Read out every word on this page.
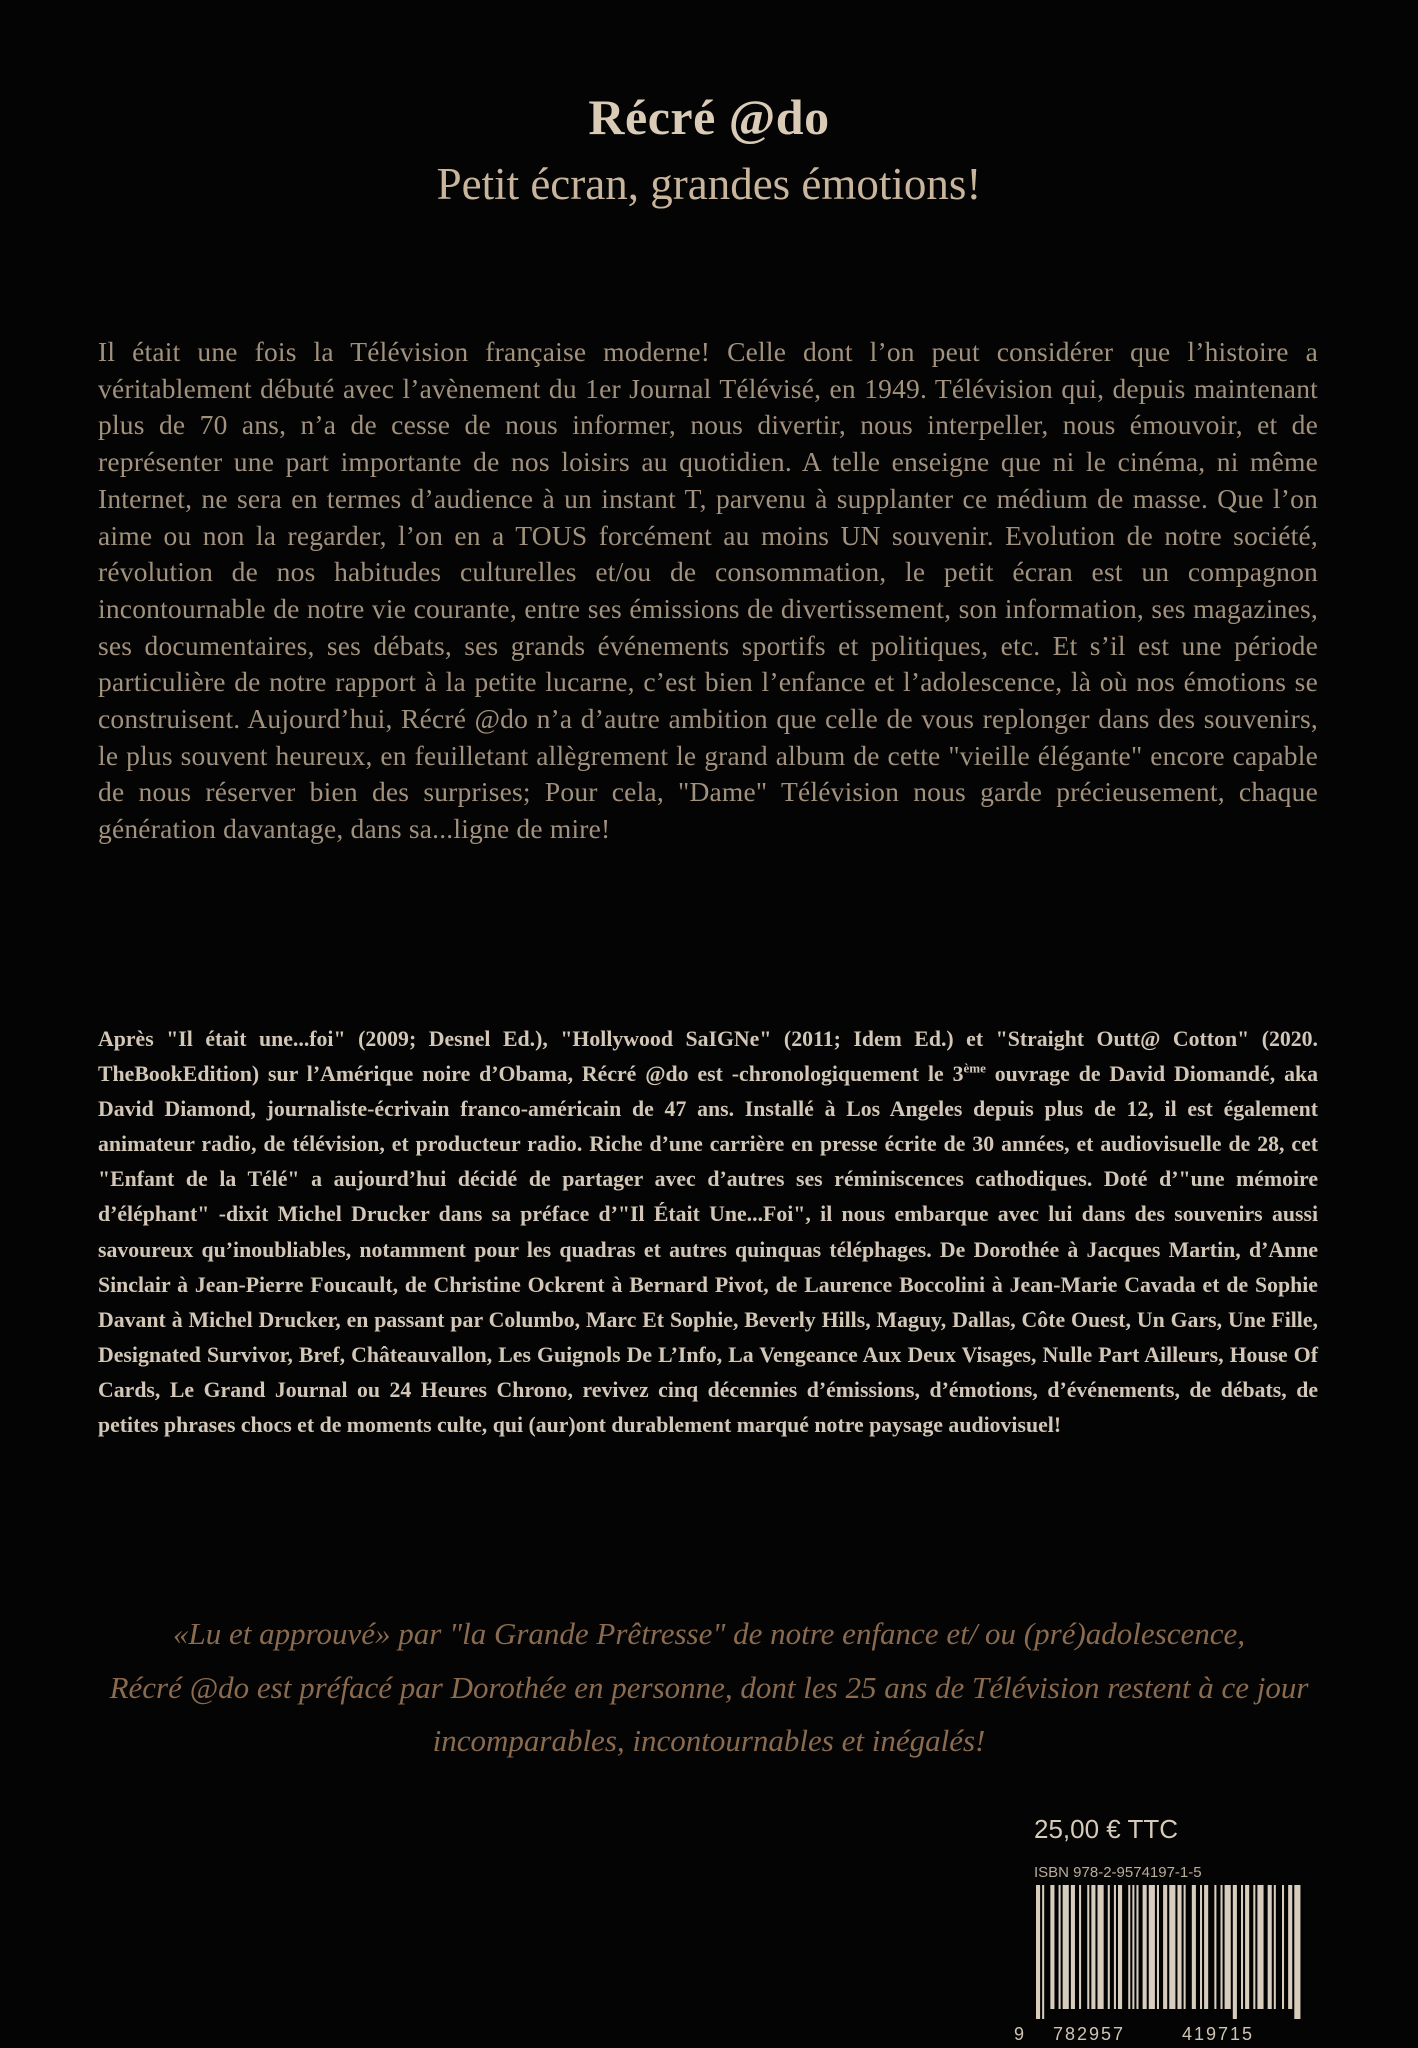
Récré @do
Petit écran, grandes émotions!
Il était une fois la Télévision française moderne! Celle dont l’on peut considérer que l’histoire a véritablement débuté avec l’avènement du 1er Journal Télévisé, en 1949. Télévision qui, depuis maintenant plus de 70 ans, n’a de cesse de nous informer, nous divertir, nous interpeller, nous émouvoir, et de représenter une part importante de nos loisirs au quotidien. A telle enseigne que ni le cinéma, ni même Internet, ne sera en termes d’audience à un instant T, parvenu à supplanter ce médium de masse. Que l’on aime ou non la regarder, l’on en a TOUS forcément au moins UN souvenir. Evolution de notre société, révolution de nos habitudes culturelles et/ou de consommation, le petit écran est un compagnon incontournable de notre vie courante, entre ses émissions de divertissement, son information, ses magazines, ses documentaires, ses débats, ses grands événements sportifs et politiques, etc. Et s’il est une période particulière de notre rapport à la petite lucarne, c’est bien l’enfance et l’adolescence, là où nos émotions se construisent. Aujourd’hui, Récré @do n’a d’autre ambition que celle de vous replonger dans des souvenirs, le plus souvent heureux, en feuilletant allègrement le grand album de cette "vieille élégante" encore capable de nous réserver bien des surprises; Pour cela, "Dame" Télévision nous garde précieusement, chaque génération davantage, dans sa...ligne de mire!
Après "Il était une...foi" (2009; Desnel Ed.), "Hollywood SaIGNe" (2011; Idem Ed.) et "Straight Outt@ Cotton" (2020. TheBookEdition) sur l’Amérique noire d’Obama, Récré @do est -chronologiquement le 3ème ouvrage de David Diomandé, aka David Diamond, journaliste-écrivain franco-américain de 47 ans. Installé à Los Angeles depuis plus de 12, il est également animateur radio, de télévision, et producteur radio. Riche d’une carrière en presse écrite de 30 années, et audiovisuelle de 28, cet "Enfant de la Télé" a aujourd’hui décidé de partager avec d’autres ses réminiscences cathodiques. Doté d’"une mémoire d’éléphant" -dixit Michel Drucker dans sa préface d’"Il Était Une...Foi", il nous embarque avec lui dans des souvenirs aussi savoureux qu’inoubliables, notamment pour les quadras et autres quinquas téléphages. De Dorothée à Jacques Martin, d’Anne Sinclair à Jean-Pierre Foucault, de Christine Ockrent à Bernard Pivot, de Laurence Boccolini à Jean-Marie Cavada et de Sophie Davant à Michel Drucker, en passant par Columbo, Marc Et Sophie, Beverly Hills, Maguy, Dallas, Côte Ouest, Un Gars, Une Fille, Designated Survivor, Bref, Châteauvallon, Les Guignols De L’Info, La Vengeance Aux Deux Visages, Nulle Part Ailleurs, House Of Cards, Le Grand Journal ou 24 Heures Chrono, revivez cinq décennies d’émissions, d’émotions, d’événements, de débats, de petites phrases chocs et de moments culte, qui (aur)ont durablement marqué notre paysage audiovisuel!
«Lu et approuvé» par "la Grande Prêtresse" de notre enfance et/ ou (pré)adolescence,
Récré @do est préfacé par Dorothée en personne, dont les 25 ans de Télévision restent à ce jour
incomparables, incontournables et inégalés!
25,00 € TTC
ISBN 978-2-9574197-1-5
9 782957	419715
